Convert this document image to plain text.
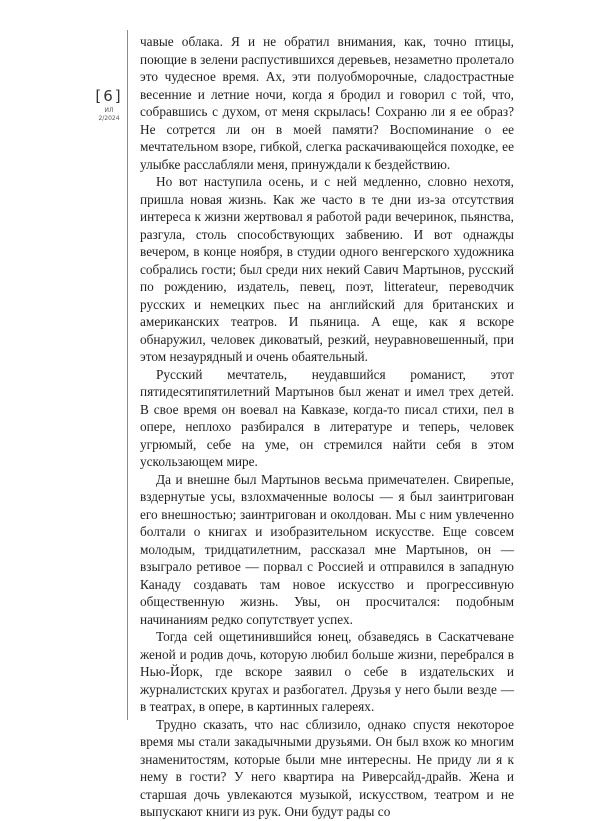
[6]
ИЛ 2/2024

чавые облака. Я и не обратил внимания, как, точно птицы, поющие в зелени распустившихся деревьев, незаметно пролетало это чудесное время. Ах, эти полуобморочные, сладострастные весенние и летние ночи, когда я бродил и говорил с той, что, собравшись с духом, от меня скрылась! Сохраню ли я ее образ? Не сотрется ли он в моей памяти? Воспоминание о ее мечтательном взоре, гибкой, слегка раскачивающейся походке, ее улыбке расслабляли меня, принуждали к бездействию.

Но вот наступила осень, и с ней медленно, словно нехотя, пришла новая жизнь. Как же часто в те дни из-за отсутствия интереса к жизни жертвовал я работой ради вечеринок, пьянства, разгула, столь способствующих забвению. И вот однажды вечером, в конце ноября, в студии одного венгерского художника собрались гости; был среди них некий Савич Мартынов, русский по рождению, издатель, певец, поэт, litterateur, переводчик русских и немецких пьес на английский для британских и американских театров. И пьяница. А еще, как я вскоре обнаружил, человек диковатый, резкий, неуравновешенный, при этом незаурядный и очень обаятельный.

Русский мечтатель, неудавшийся романист, этот пятидесятипятилетний Мартынов был женат и имел трех детей. В свое время он воевал на Кавказе, когда-то писал стихи, пел в опере, неплохо разбирался в литературе и теперь, человек угрюмый, себе на уме, он стремился найти себя в этом ускользающем мире.

Да и внешне был Мартынов весьма примечателен. Свирепые, вздернутые усы, взлохмаченные волосы — я был заинтригован его внешностью; заинтригован и околдован. Мы с ним увлеченно болтали о книгах и изобразительном искусстве. Еще совсем молодым, тридцатилетним, рассказал мне Мартынов, он — взыграло ретивое — порвал с Россией и отправился в западную Канаду создавать там новое искусство и прогрессивную общественную жизнь. Увы, он просчитался: подобным начинаниям редко сопутствует успех.

Тогда сей ощетинившийся юнец, обзаведясь в Саскатчеване женой и родив дочь, которую любил больше жизни, перебрался в Нью-Йорк, где вскоре заявил о себе в издательских и журналистских кругах и разбогател. Друзья у него были везде — в театрах, в опере, в картинных галереях.

Трудно сказать, что нас сблизило, однако спустя некоторое время мы стали закадычными друзьями. Он был вхож ко многим знаменитостям, которые были мне интересны. Не приду ли я к нему в гости? У него квартира на Риверсайд-драйв. Жена и старшая дочь увлекаются музыкой, искусством, театром и не выпускают книги из рук. Они будут рады со
